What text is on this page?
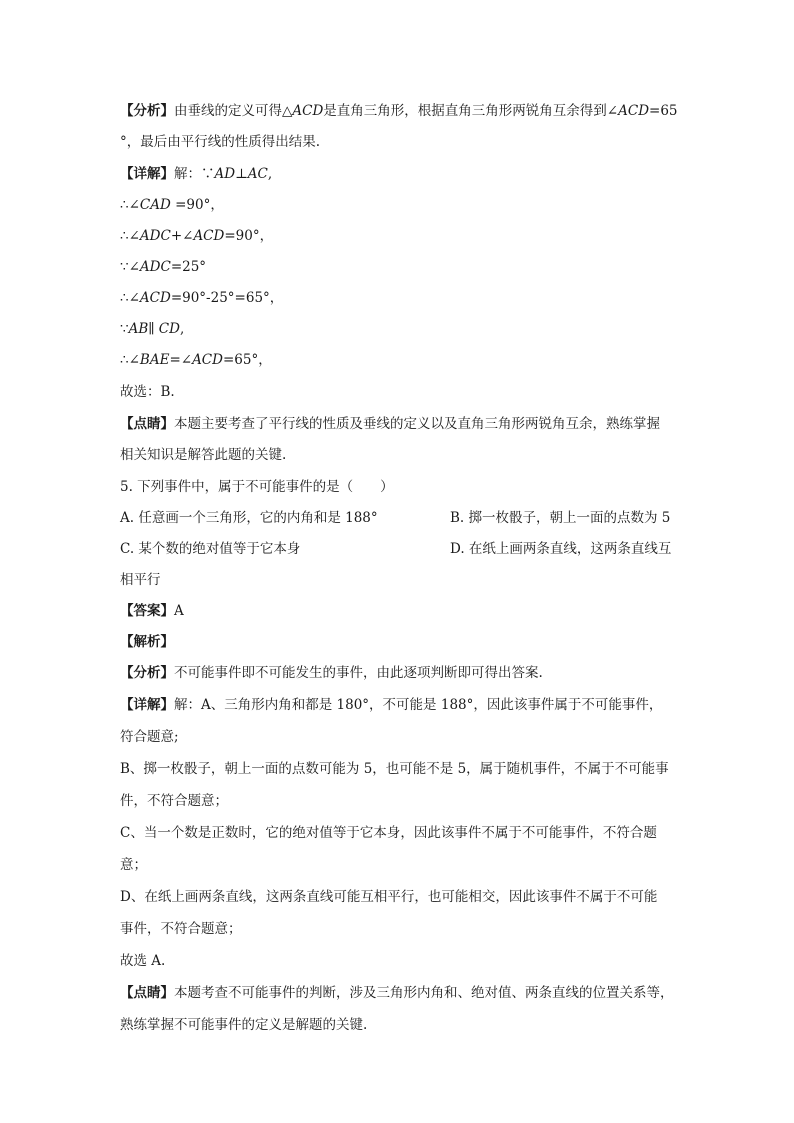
【分析】由垂线的定义可得△ACD是直角三角形，根据直角三角形两锐角互余得到∠ACD=65
°，最后由平行线的性质得出结果.
【详解】解：∵AD⊥AC,
∴∠CAD =90°，
∴∠ADC+∠ACD=90°，
∵∠ADC=25°
∴∠ACD=90°-25°=65°，
∵AB∥ CD,
∴∠BAE=∠ACD=65°，
故选：B.
【点睛】本题主要考查了平行线的性质及垂线的定义以及直角三角形两锐角互余，熟练掌握
相关知识是解答此题的关键.
5. 下列事件中，属于不可能事件的是（　　）
A. 任意画一个三角形，它的内角和是 188°	B. 掷一枚骰子，朝上一面的点数为 5
C. 某个数的绝对值等于它本身	D. 在纸上画两条直线，这两条直线互
相平行
【答案】A
【解析】
【分析】不可能事件即不可能发生的事件，由此逐项判断即可得出答案.
【详解】解：A、三角形内角和都是 180°，不可能是 188°，因此该事件属于不可能事件，
符合题意;
B、掷一枚骰子，朝上一面的点数可能为 5，也可能不是 5，属于随机事件，不属于不可能事
件，不符合题意；
C、当一个数是正数时，它的绝对值等于它本身，因此该事件不属于不可能事件，不符合题
意；
D、在纸上画两条直线，这两条直线可能互相平行，也可能相交，因此该事件不属于不可能
事件，不符合题意；
故选 A.
【点睛】本题考查不可能事件的判断，涉及三角形内角和、绝对值、两条直线的位置关系等，
熟练掌握不可能事件的定义是解题的关键.
